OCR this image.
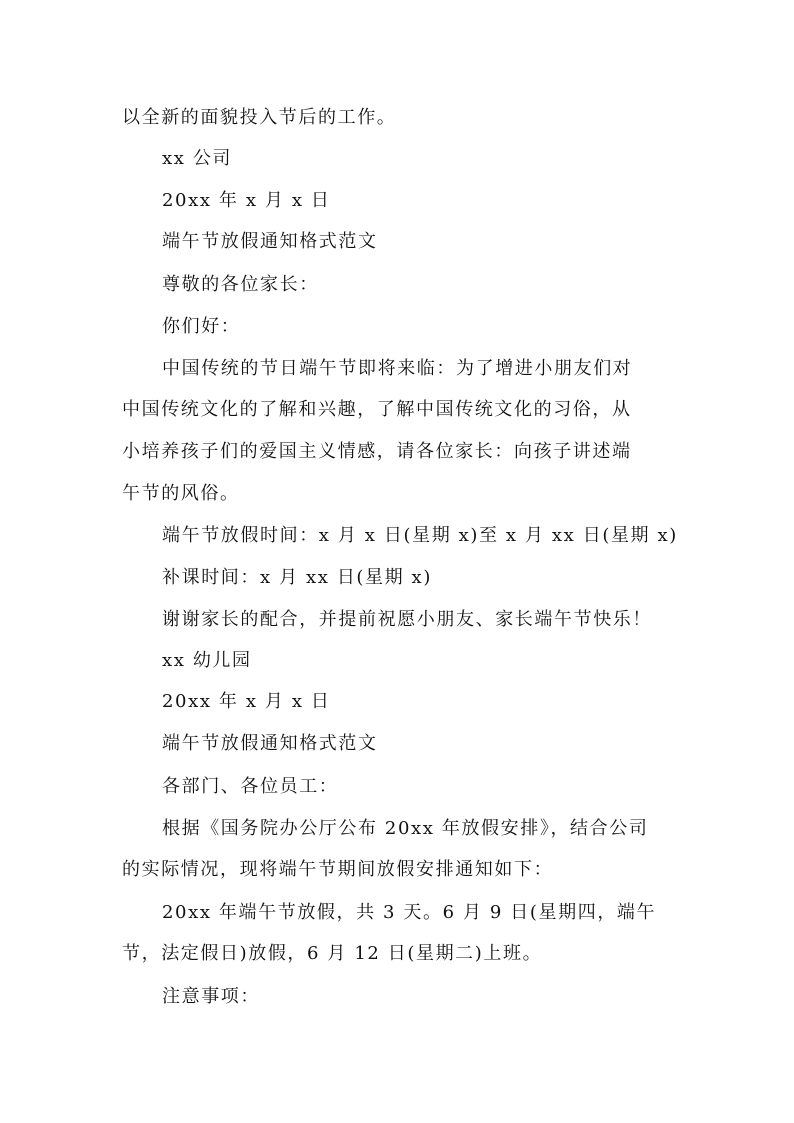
以全新的面貌投入节后的工作。
xx 公司
20xx 年 x 月 x 日
端午节放假通知格式范文
尊敬的各位家长：
你们好：
中国传统的节日端午节即将来临：为了增进小朋友们对
中国传统文化的了解和兴趣，了解中国传统文化的习俗，从
小培养孩子们的爱国主义情感，请各位家长：向孩子讲述端
午节的风俗。
端午节放假时间：x 月 x 日(星期 x)至 x 月 xx 日(星期 x)
补课时间：x 月 xx 日(星期 x)
谢谢家长的配合，并提前祝愿小朋友、家长端午节快乐！
xx 幼儿园
20xx 年 x 月 x 日
端午节放假通知格式范文
各部门、各位员工：
根据《国务院办公厅公布 20xx 年放假安排》，结合公司
的实际情况，现将端午节期间放假安排通知如下：
20xx 年端午节放假，共 3 天。6 月 9 日(星期四，端午
节，法定假日)放假，6 月 12 日(星期二)上班。
注意事项：
